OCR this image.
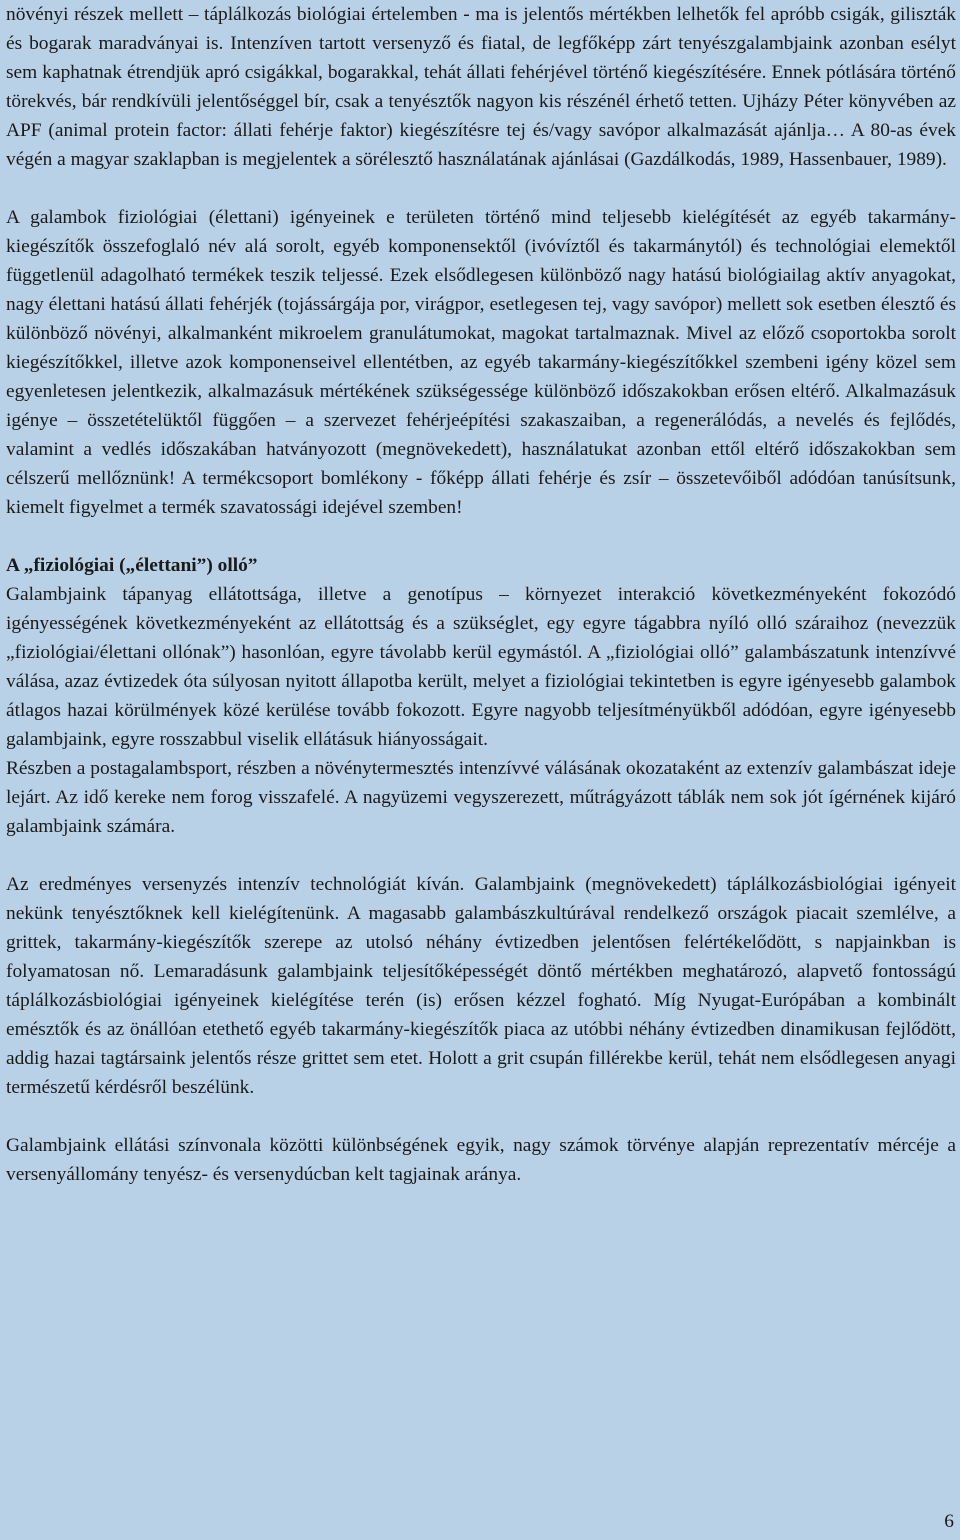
növényi részek mellett – táplálkozás biológiai értelemben - ma is jelentős mértékben lelhetők fel apróbb csigák, giliszták és bogarak maradványai is. Intenzíven tartott versenyző és fiatal, de legfőképp zárt tenyészgalambjaink azonban esélyt sem kaphatnak étrendjük apró csigákkal, bogarakkal, tehát állati fehérjével történő kiegészítésére. Ennek pótlására történő törekvés, bár rendkívüli jelentőséggel bír, csak a tenyésztők nagyon kis részénél érhető tetten. Ujházy Péter könyvében az APF (animal protein factor: állati fehérje faktor) kiegészítésre tej és/vagy savópor alkalmazását ajánlja… A 80-as évek végén a magyar szaklapban is megjelentek a sörélesztő használatának ajánlásai (Gazdálkodás, 1989, Hassenbauer, 1989).

A galambok fiziológiai (élettani) igényeinek e területen történő mind teljesebb kielégítését az egyéb takarmány-kiegészítők összefoglaló név alá sorolt, egyéb komponensektől (ivóvíztől és takarmánytól) és technológiai elemektől függetlenül adagolható termékek teszik teljessé. Ezek elsődlegesen különböző nagy hatású biológiailag aktív anyagokat, nagy élettani hatású állati fehérjék (tojássárgája por, virágpor, esetlegesen tej, vagy savópor) mellett sok esetben élesztő és különböző növényi, alkalmanként mikroelem granulátumokat, magokat tartalmaznak. Mivel az előző csoportokba sorolt kiegészítőkkel, illetve azok komponenseivel ellentétben, az egyéb takarmány-kiegészítőkkel szembeni igény közel sem egyenletesen jelentkezik, alkalmazásuk mértékének szükségessége különböző időszakokban erősen eltérő. Alkalmazásuk igénye – összetételüktől függően – a szervezet fehérjeépítési szakaszaiban, a regenerálódás, a nevelés és fejlődés, valamint a vedlés időszakában hatványozott (megnövekedett), használatukat azonban ettől eltérő időszakokban sem célszerű mellőznünk! A termékcsoport bomlékony - főképp állati fehérje és zsír – összetevőiből adódóan tanúsítsunk, kiemelt figyelmet a termék szavatossági idejével szemben!

A „fiziológiai („élettani”) olló”

Galambjaink tápanyag ellátottsága, illetve a genotípus – környezet interakció következményeként fokozódó igényességének következményeként az ellátottság és a szükséglet, egy egyre tágabbra nyíló olló száraihoz (nevezzük „fiziológiai/élettani ollónak”) hasonlóan, egyre távolabb kerül egymástól. A „fiziológiai olló” galambászatunk intenzívvé válása, azaz évtizedek óta súlyosan nyitott állapotba került, melyet a fiziológiai tekintetben is egyre igényesebb galambok átlagos hazai körülmények közé kerülése tovább fokozott. Egyre nagyobb teljesítményükből adódóan, egyre igényesebb galambjaink, egyre rosszabbul viselik ellátásuk hiányosságait.

Részben a postagalambsport, részben a növénytermesztés intenzívvé válásának okozataként az extenzív galambászat ideje lejárt. Az idő kereke nem forog visszafelé. A nagyüzemi vegyszerezett, műtrágyázott táblák nem sok jót ígérnének kijáró galambjaink számára.

Az eredményes versenyzés intenzív technológiát kíván. Galambjaink (megnövekedett) táplálkozásbiológiai igényeit nekünk tenyésztőknek kell kielégítenünk. A magasabb galambászkultúrával rendelkező országok piacait szemlélve, a grittek, takarmány-kiegészítők szerepe az utolsó néhány évtizedben jelentősen felértékelődött, s napjainkban is folyamatosan nő. Lemaradásunk galambjaink teljesítőképességét döntő mértékben meghatározó, alapvető fontosságú táplálkozásbiológiai igényeinek kielégítése terén (is) erősen kézzel fogható. Míg Nyugat-Európában a kombinált emésztők és az önállóan etethető egyéb takarmány-kiegészítők piaca az utóbbi néhány évtizedben dinamikusan fejlődött, addig hazai tagtársaink jelentős része grittet sem etet. Holott a grit csupán fillérekbe kerül, tehát nem elsődlegesen anyagi természetű kérdésről beszélünk.

Galambjaink ellátási színvonala közötti különbségének egyik, nagy számok törvénye alapján reprezentatív mércéje a versenyállomány tenyész- és versenydúcban kelt tagjainak aránya.

6
